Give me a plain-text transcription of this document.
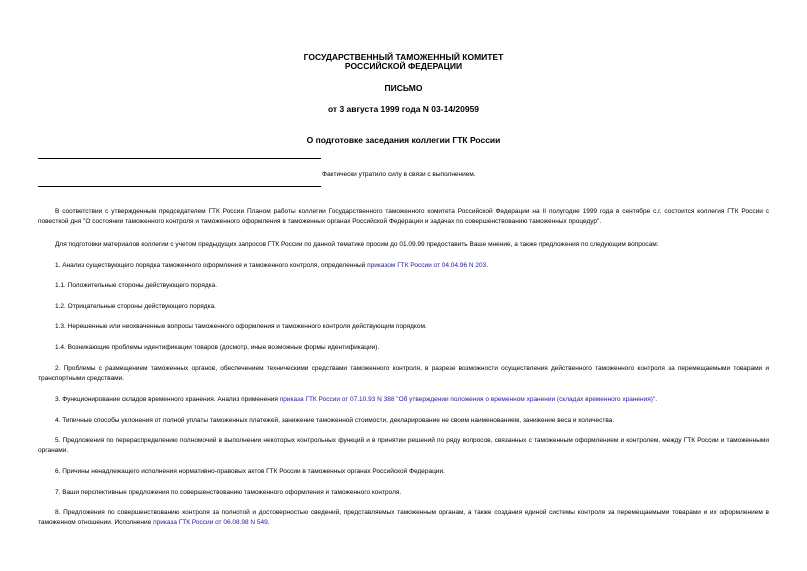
ГОСУДАРСТВЕННЫЙ ТАМОЖЕННЫЙ КОМИТЕТ
РОССИЙСКОЙ ФЕДЕРАЦИИ
ПИСЬМО
от 3 августа 1999 года N 03-14/20959
О подготовке заседания коллегии ГТК России
Фактически утратило силу в связи с выполнением.
В соответствии с утвержденным председателем ГТК России Планом работы коллегии Государственного таможенного комитета Российской Федерации на II полугодие 1999 года в сентябре с.г. состоится коллегия ГТК России с повесткой дня "О состоянии таможенного контроля и таможенного оформления в таможенных органах Российской Федерации и задачах по совершенствованию таможенных процедур".
Для подготовки материалов коллегии с учетом предыдущих запросов ГТК России по данной тематике просим до 01.09.99 предоставить Ваше мнение, а также предложения по следующим вопросам:
1. Анализ существующего порядка таможенного оформления и таможенного контроля, определенный приказом ГТК России от 04.04.96 N 203.
1.1. Положительные стороны действующего порядка.
1.2. Отрицательные стороны действующего порядка.
1.3. Нерешенные или неохваченные вопросы таможенного оформления и таможенного контроля действующим порядком.
1.4. Возникающие проблемы идентификации товаров (досмотр, иные возможные формы идентификации).
2. Проблемы с размещением таможенных органов, обеспечением техническими средствами таможенного контроля, в разрезе возможности осуществления действенного таможенного контроля за перемещаемыми товарами и транспортными средствами.
3. Функционирование складов временного хранения. Анализ применения приказа ГТК России от 07.10.93 N 388 "Об утверждении положения о временном хранении (складах временного хранения)".
4. Типичные способы уклонения от полной уплаты таможенных платежей, занижение таможенной стоимости, декларирование не своим наименованием, занижение веса и количества.
5. Предложения по перераспределению полномочий в выполнении некоторых контрольных функций и в принятии решений по ряду вопросов, связанных с таможенным оформлением и контролем, между ГТК России и таможенными органами.
6. Причины ненадлежащего исполнения нормативно-правовых актов ГТК России в таможенных органах Российской Федерации.
7. Ваши перспективные предложения по совершенствованию таможенного оформления и таможенного контроля.
8. Предложения по совершенствованию контроля за полнотой и достоверностью сведений, представляемых таможенным органам, а также создания единой системы контроля за перемещаемыми товарами и их оформлением в таможенном отношении. Исполнение приказа ГТК России от 06.08.98 N 549.
